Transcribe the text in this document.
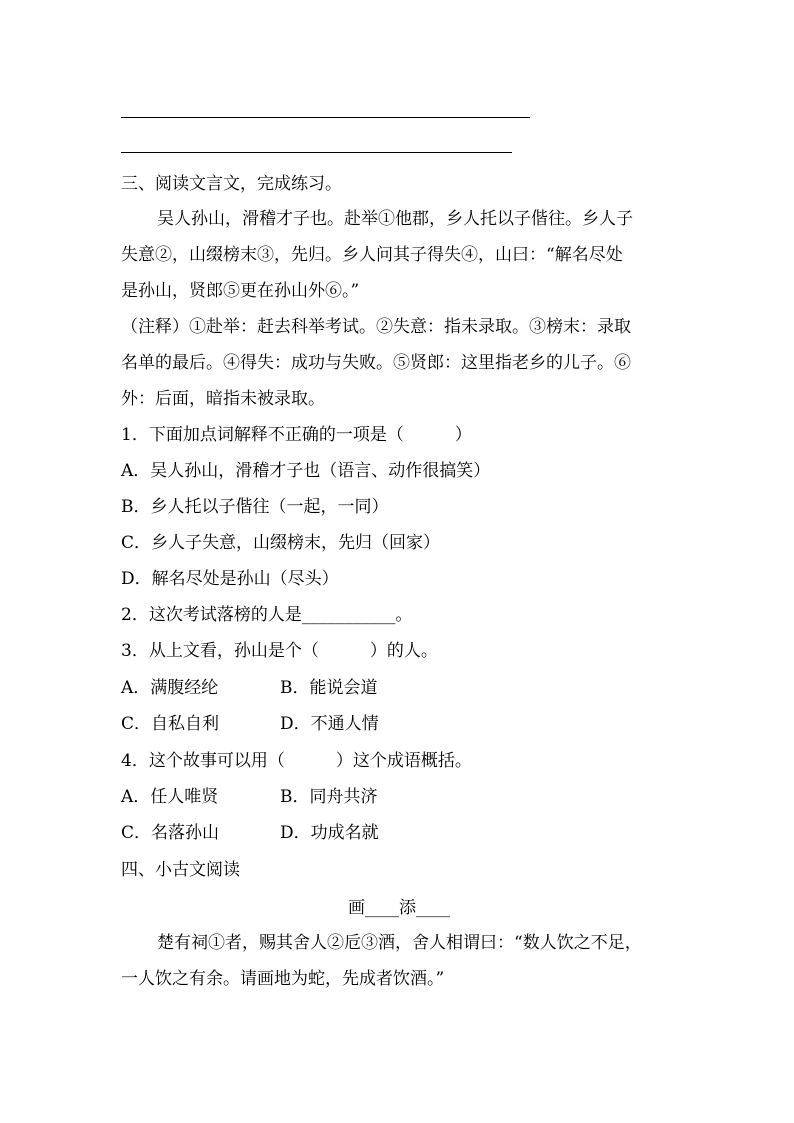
三、阅读文言文，完成练习。
吴人孙山，滑稽才子也。赴举①他郡，乡人托以子偕往。乡人子
失意②，山缀榜末③，先归。乡人问其子得失④，山曰：“解名尽处
是孙山，贤郎⑤更在孙山外⑥。”
（注释）①赴举：赶去科举考试。②失意：指未录取。③榜末：录取
名单的最后。④得失：成功与失败。⑤贤郎：这里指老乡的儿子。⑥
外：后面，暗指未被录取。
1．下面加点词解释不正确的一项是（　　　）
A．吴人孙山，滑稽才子也（语言、动作很搞笑）
B．乡人托以子偕往（一起，一同）
C．乡人子失意，山缀榜末，先归（回家）
D．解名尽处是孙山（尽头）
2．这次考试落榜的人是___________。
3．从上文看，孙山是个（　　　）的人。
A．满腹经纶	B．能说会道
C．自私自利	D．不通人情
4．这个故事可以用（　　　）这个成语概括。
A．任人唯贤	B．同舟共济
C．名落孙山	D．功成名就
四、小古文阅读
画____添____
楚有祠①者，赐其舍人②卮③酒，舍人相谓曰：“数人饮之不足，
一人饮之有余。请画地为蛇，先成者饮酒。”
